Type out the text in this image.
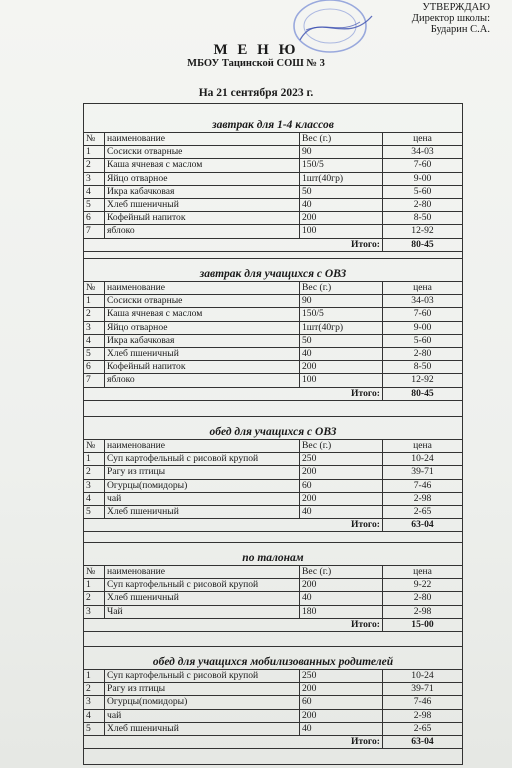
УТВЕРЖДАЮ
Директор школы:
Бударин С.А.
М Е Н Ю
МБОУ Тацинской СОШ № 3
На 21 сентября 2023 г.
завтрак для 1-4 классов
№	наименование	Вес (г.)	цена
1	Сосиски отварные	90	34-03
2	Каша ячневая с маслом	150/5	7-60
3	Яйцо отварное	1шт(40гр)	9-00
4	Икра кабачковая	50	5-60
5	Хлеб пшеничный	40	2-80
6	Кофейный напиток	200	8-50
7	яблоко	100	12-92
Итого:			80-45
завтрак для учащихся с ОВЗ
№	наименование	Вес (г.)	цена
1	Сосиски отварные	90	34-03
2	Каша ячневая с маслом	150/5	7-60
3	Яйцо отварное	1шт(40гр)	9-00
4	Икра кабачковая	50	5-60
5	Хлеб пшеничный	40	2-80
6	Кофейный напиток	200	8-50
7	яблоко	100	12-92
Итого:			80-45
обед для учащихся с ОВЗ
№	наименование	Вес (г.)	цена
1	Суп картофельный с рисовой крупой	250	10-24
2	Рагу из птицы	200	39-71
3	Огурцы(помидоры)	60	7-46
4	чай	200	2-98
5	Хлеб пшеничный	40	2-65
Итого:			63-04
по талонам
№	наименование	Вес (г.)	цена
1	Суп картофельный с рисовой крупой	200	9-22
2	Хлеб пшеничный	40	2-80
3	Чай	180	2-98
Итого:			15-00
обед для учащихся мобилизованных родителей
1	Суп картофельный с рисовой крупой	250	10-24
2	Рагу из птицы	200	39-71
3	Огурцы(помидоры)	60	7-46
4	чай	200	2-98
5	Хлеб пшеничный	40	2-65
Итого:			63-04
